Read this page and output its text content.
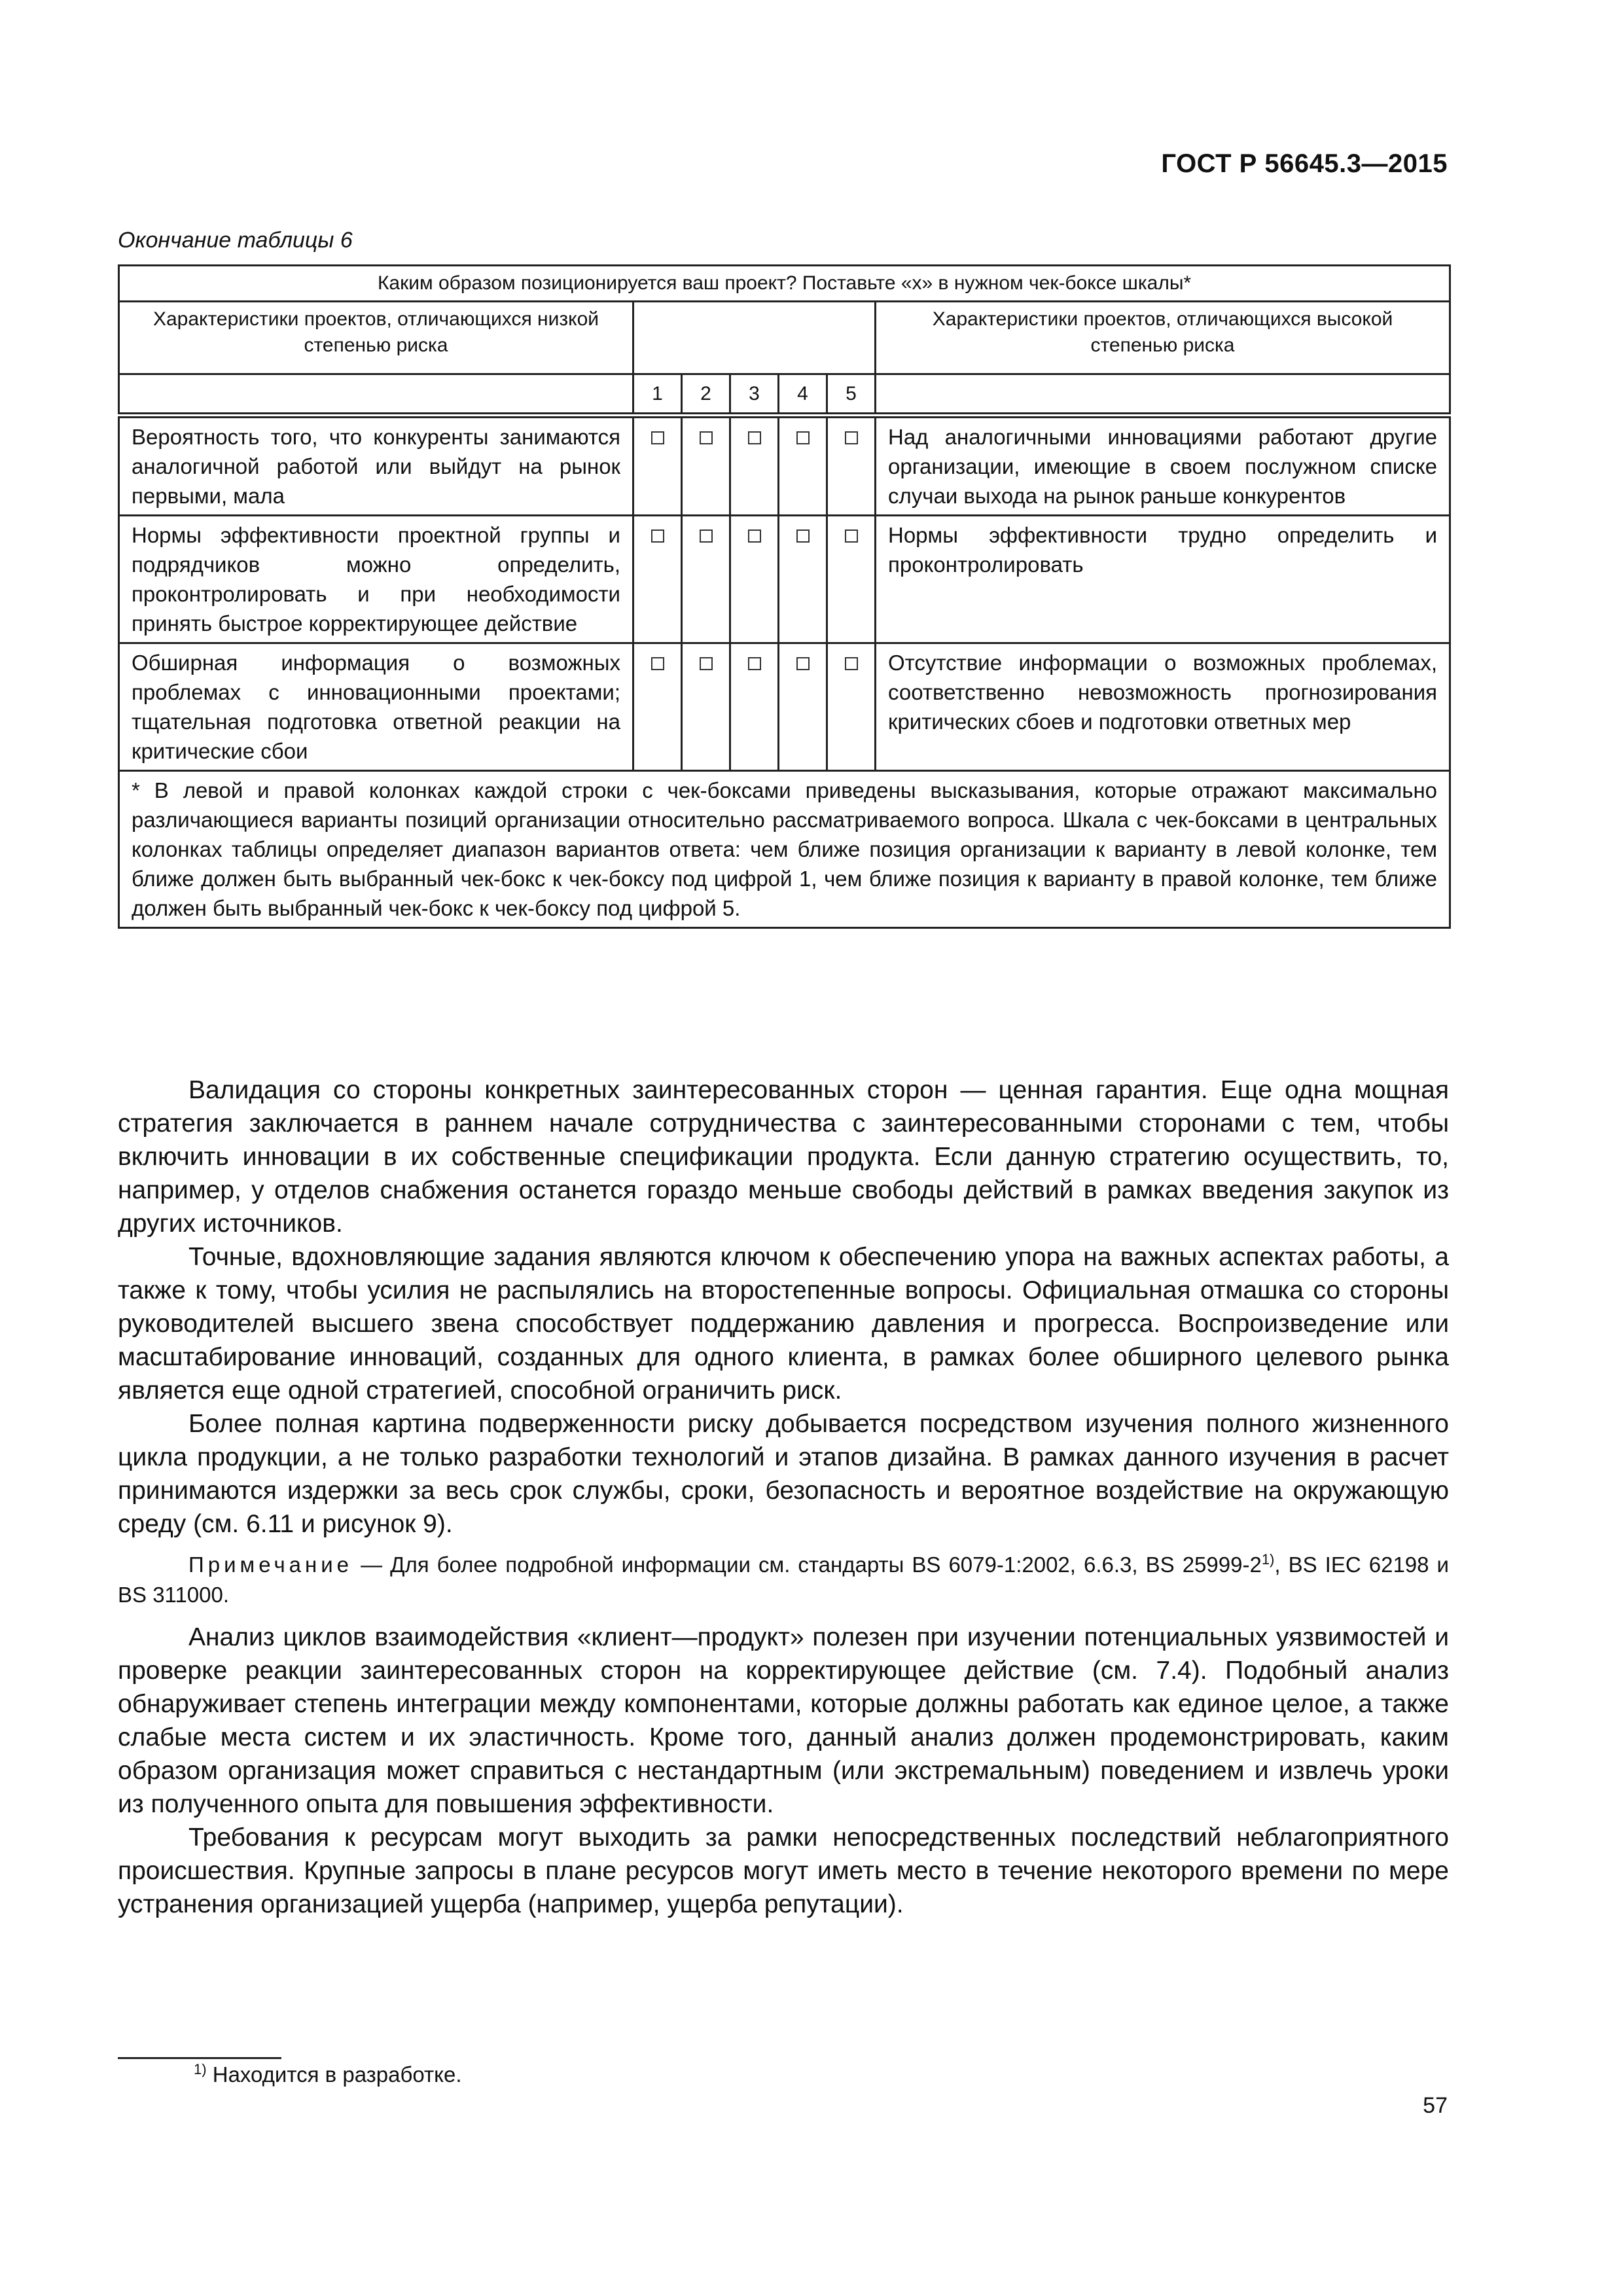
ГОСТ Р 56645.3—2015
Окончание таблицы 6
Каким образом позиционируется ваш проект? Поставьте «х» в нужном чек-боксе шкалы*						
Характеристики проектов, отличающихся низкой степенью риска						Характеристики проектов, отличающихся высокой степенью риска
	1	2	3	4	5	
Вероятность того, что конкуренты занимаются аналогичной работой или выйдут на рынок первыми, мала						Над аналогичными инновациями работают другие организации, имеющие в своем послужном списке случаи выхода на рынок раньше конкурентов
Нормы эффективности проектной группы и подрядчиков можно определить, проконтролировать и при необходимости принять быстрое корректирующее действие						Нормы эффективности трудно определить и проконтролировать
Обширная информация о возможных проблемах с инновационными проектами; тщательная подготовка ответной реакции на критические сбои						Отсутствие информации о возможных проблемах, соответственно невозможность прогнозирования критических сбоев и подготовки ответных мер
* В левой и правой колонках каждой строки с чек-боксами приведены высказывания, которые отражают максимально различающиеся варианты позиций организации относительно рассматриваемого вопроса. Шкала с чек-боксами в центральных колонках таблицы определяет диапазон вариантов ответа: чем ближе позиция организации к варианту в левой колонке, тем ближе должен быть выбранный чек-бокс к чек-боксу под цифрой 1, чем ближе позиция к варианту в правой колонке, тем ближе должен быть выбранный чек-бокс к чек-боксу под цифрой 5.						

Валидация со стороны конкретных заинтересованных сторон — ценная гарантия. Еще одна мощная стратегия заключается в раннем начале сотрудничества с заинтересованными сторонами с тем, чтобы включить инновации в их собственные спецификации продукта. Если данную стратегию осуществить, то, например, у отделов снабжения останется гораздо меньше свободы действий в рамках введения закупок из других источников.

Точные, вдохновляющие задания являются ключом к обеспечению упора на важных аспектах работы, а также к тому, чтобы усилия не распылялись на второстепенные вопросы. Официальная отмашка со стороны руководителей высшего звена способствует поддержанию давления и прогресса. Воспроизведение или масштабирование инноваций, созданных для одного клиента, в рамках более обширного целевого рынка является еще одной стратегией, способной ограничить риск.

Более полная картина подверженности риску добывается посредством изучения полного жизненного цикла продукции, а не только разработки технологий и этапов дизайна. В рамках данного изучения в расчет принимаются издержки за весь срок службы, сроки, безопасность и вероятное воздействие на окружающую среду (см. 6.11 и рисунок 9).

Примечание — Для более подробной информации см. стандарты BS 6079-1:2002, 6.6.3, BS 25999-2$^{1)}$, BS IEC 62198 и BS 311000.

Анализ циклов взаимодействия «клиент—продукт» полезен при изучении потенциальных уязвимостей и проверке реакции заинтересованных сторон на корректирующее действие (см. 7.4). Подобный анализ обнаруживает степень интеграции между компонентами, которые должны работать как единое целое, а также слабые места систем и их эластичность. Кроме того, данный анализ должен продемонстрировать, каким образом организация может справиться с нестандартным (или экстремальным) поведением и извлечь уроки из полученного опыта для повышения эффективности.

Требования к ресурсам могут выходить за рамки непосредственных последствий неблагоприятного происшествия. Крупные запросы в плане ресурсов могут иметь место в течение некоторого времени по мере устранения организацией ущерба (например, ущерба репутации).

$^{1)}$ Находится в разработке.
57
